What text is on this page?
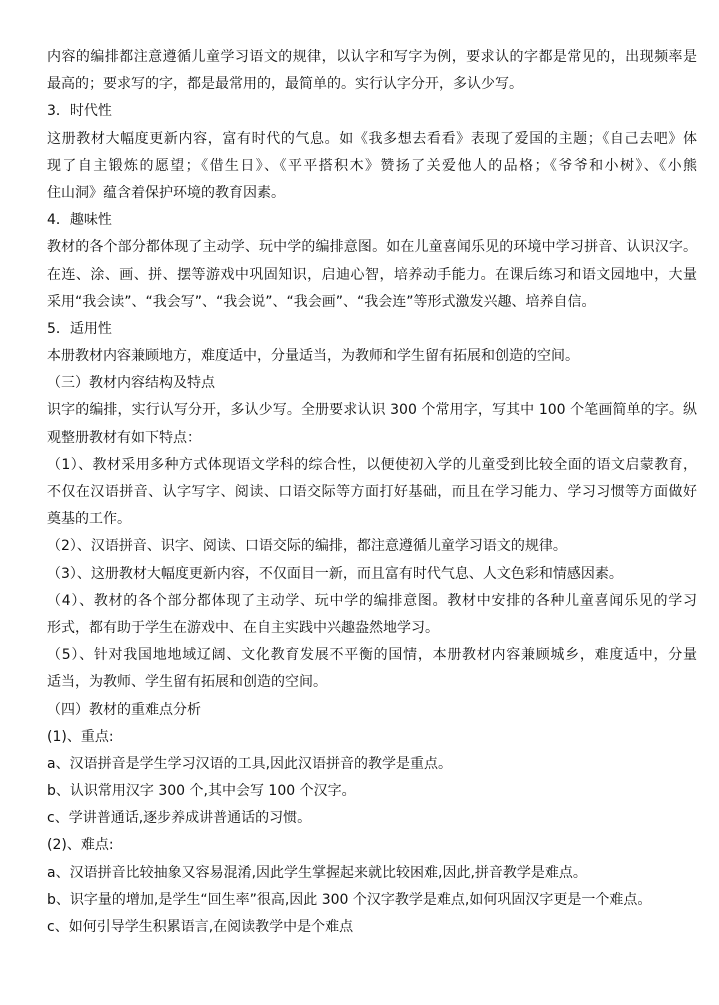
内容的编排都注意遵循儿童学习语文的规律，以认字和写字为例，要求认的字都是常见的，出现频率是
最高的；要求写的字，都是最常用的，最简单的。实行认字分开，多认少写。
3．时代性
这册教材大幅度更新内容，富有时代的气息。如《我多想去看看》表现了爱国的主题；《自己去吧》体
现了自主锻炼的愿望；《借生日》、《平平搭积木》赞扬了关爱他人的品格；《爷爷和小树》、《小熊
住山洞》蕴含着保护环境的教育因素。
4．趣味性
教材的各个部分都体现了主动学、玩中学的编排意图。如在儿童喜闻乐见的环境中学习拼音、认识汉字。
在连、涂、画、拼、摆等游戏中巩固知识，启迪心智，培养动手能力。在课后练习和语文园地中，大量
采用“我会读”、“我会写”、“我会说”、“我会画”、“我会连”等形式激发兴趣、培养自信。
5．适用性
本册教材内容兼顾地方，难度适中，分量适当，为教师和学生留有拓展和创造的空间。
（三）教材内容结构及特点
识字的编排，实行认写分开，多认少写。全册要求认识 300 个常用字，写其中 100 个笔画简单的字。纵
观整册教材有如下特点：
（1）、教材采用多种方式体现语文学科的综合性，以便使初入学的儿童受到比较全面的语文启蒙教育，
不仅在汉语拼音、认字写字、阅读、口语交际等方面打好基础，而且在学习能力、学习习惯等方面做好
奠基的工作。
（2）、汉语拼音、识字、阅读、口语交际的编排，都注意遵循儿童学习语文的规律。
（3）、这册教材大幅度更新内容，不仅面目一新，而且富有时代气息、人文色彩和情感因素。
（4）、教材的各个部分都体现了主动学、玩中学的编排意图。教材中安排的各种儿童喜闻乐见的学习
形式，都有助于学生在游戏中、在自主实践中兴趣盎然地学习。
（5）、针对我国地地域辽阔、文化教育发展不平衡的国情，本册教材内容兼顾城乡，难度适中，分量
适当，为教师、学生留有拓展和创造的空间。
（四）教材的重难点分析
(1)、重点:
a、汉语拼音是学生学习汉语的工具,因此汉语拼音的教学是重点。
b、认识常用汉字 300 个,其中会写 100 个汉字。
c、学讲普通话,逐步养成讲普通话的习惯。
(2)、难点:
a、汉语拼音比较抽象又容易混淆,因此学生掌握起来就比较困难,因此,拼音教学是难点。
b、识字量的增加,是学生“回生率”很高,因此 300 个汉字教学是难点,如何巩固汉字更是一个难点。
c、如何引导学生积累语言,在阅读教学中是个难点
